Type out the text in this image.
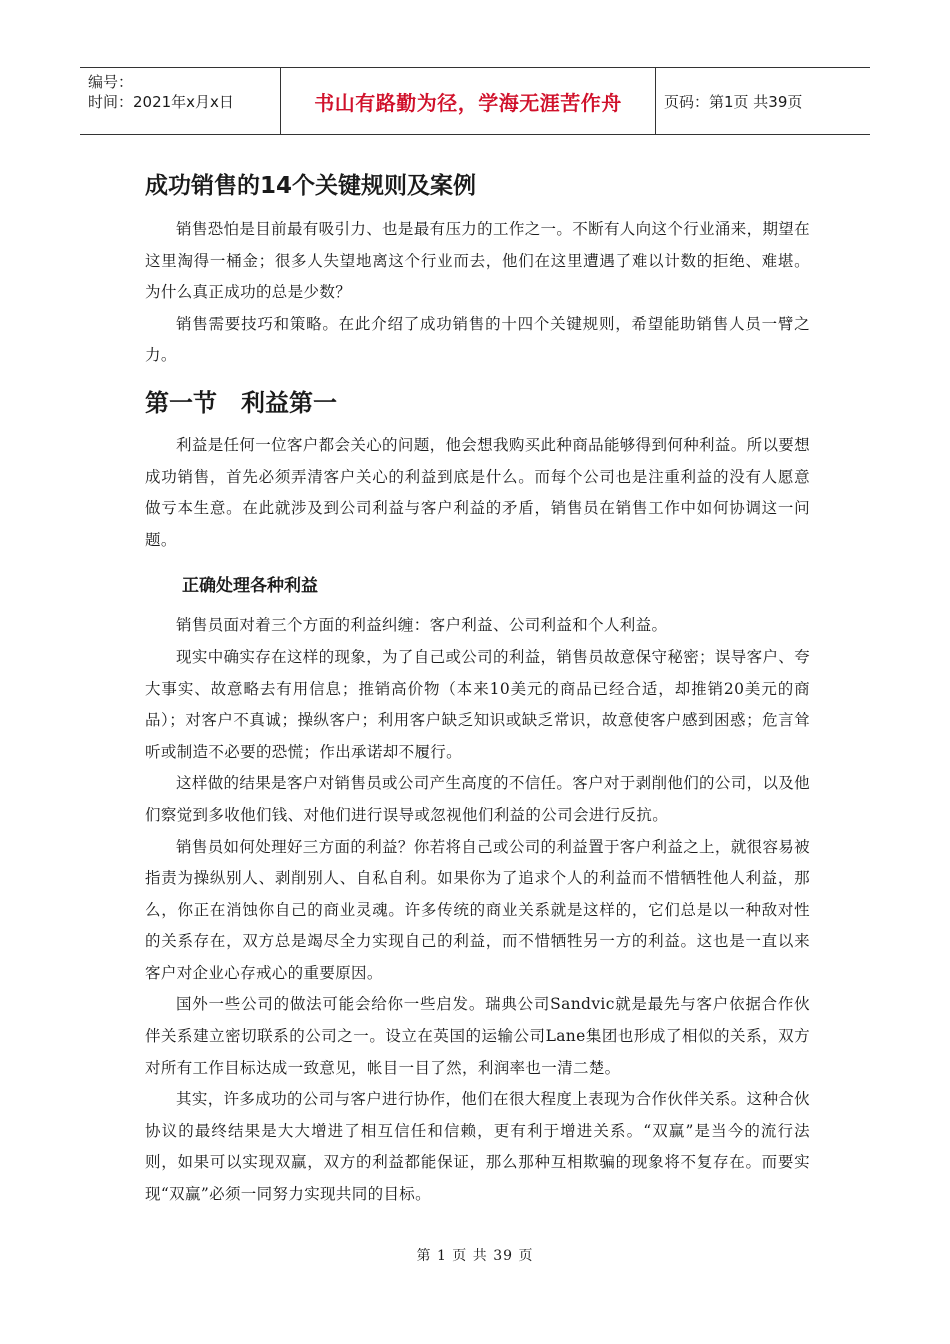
编号：
时间：2021年x月x日	书山有路勤为径，学海无涯苦作舟	页码：第1页 共39页
成功销售的14个关键规则及案例

销售恐怕是目前最有吸引力、也是最有压力的工作之一。不断有人向这个行业涌来，期望在这里淘得一桶金；很多人失望地离这个行业而去，他们在这里遭遇了难以计数的拒绝、难堪。为什么真正成功的总是少数？

销售需要技巧和策略。在此介绍了成功销售的十四个关键规则，希望能助销售人员一臂之力。

第一节　利益第一

利益是任何一位客户都会关心的问题，他会想我购买此种商品能够得到何种利益。所以要想成功销售，首先必须弄清客户关心的利益到底是什么。而每个公司也是注重利益的没有人愿意做亏本生意。在此就涉及到公司利益与客户利益的矛盾，销售员在销售工作中如何协调这一问题。

正确处理各种利益

销售员面对着三个方面的利益纠缠：客户利益、公司利益和个人利益。

现实中确实存在这样的现象，为了自己或公司的利益，销售员故意保守秘密；误导客户、夸大事实、故意略去有用信息；推销高价物（本来10美元的商品已经合适，却推销20美元的商品）；对客户不真诚；操纵客户；利用客户缺乏知识或缺乏常识，故意使客户感到困惑；危言耸听或制造不必要的恐慌；作出承诺却不履行。

这样做的结果是客户对销售员或公司产生高度的不信任。客户对于剥削他们的公司，以及他们察觉到多收他们钱、对他们进行误导或忽视他们利益的公司会进行反抗。

销售员如何处理好三方面的利益？你若将自己或公司的利益置于客户利益之上，就很容易被指责为操纵别人、剥削别人、自私自利。如果你为了追求个人的利益而不惜牺牲他人利益，那么，你正在消蚀你自己的商业灵魂。许多传统的商业关系就是这样的，它们总是以一种敌对性的关系存在，双方总是竭尽全力实现自己的利益，而不惜牺牲另一方的利益。这也是一直以来客户对企业心存戒心的重要原因。

国外一些公司的做法可能会给你一些启发。瑞典公司Sandvic就是最先与客户依据合作伙伴关系建立密切联系的公司之一。设立在英国的运输公司Lane集团也形成了相似的关系，双方对所有工作目标达成一致意见，帐目一目了然，利润率也一清二楚。

其实，许多成功的公司与客户进行协作，他们在很大程度上表现为合作伙伴关系。这种合伙协议的最终结果是大大增进了相互信任和信赖，更有利于增进关系。“双赢”是当今的流行法则，如果可以实现双赢，双方的利益都能保证，那么那种互相欺骗的现象将不复存在。而要实现“双赢”必须一同努力实现共同的目标。

第 1 页 共 39 页
